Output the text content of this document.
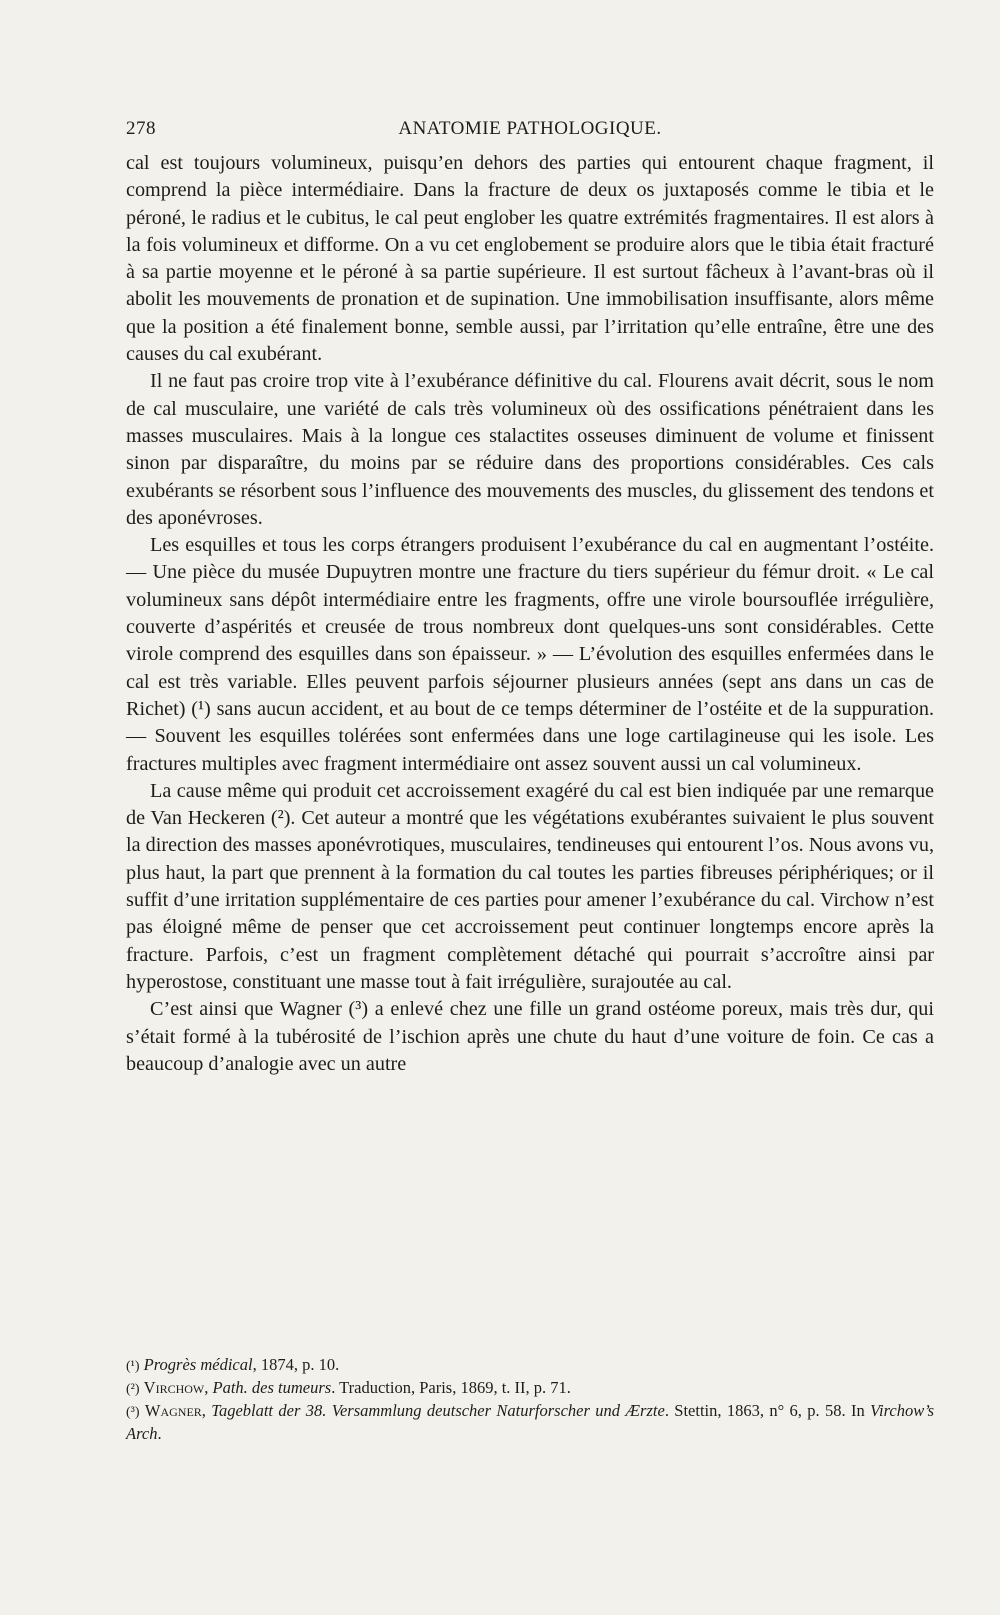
278	ANATOMIE PATHOLOGIQUE.

cal est toujours volumineux, puisqu’en dehors des parties qui entourent chaque fragment, il comprend la pièce intermédiaire. Dans la fracture de deux os juxtaposés comme le tibia et le péroné, le radius et le cubitus, le cal peut englober les quatre extrémités fragmentaires. Il est alors à la fois volumineux et difforme. On a vu cet englobement se produire alors que le tibia était fracturé à sa partie moyenne et le péroné à sa partie supérieure. Il est surtout fâcheux à l’avant-bras où il abolit les mouvements de pronation et de supination. Une immobilisation insuffisante, alors même que la position a été finalement bonne, semble aussi, par l’irritation qu’elle entraîne, être une des causes du cal exubérant.

Il ne faut pas croire trop vite à l’exubérance définitive du cal. Flourens avait décrit, sous le nom de cal musculaire, une variété de cals très volumineux où des ossifications pénétraient dans les masses musculaires. Mais à la longue ces stalactites osseuses diminuent de volume et finissent sinon par disparaître, du moins par se réduire dans des proportions considérables. Ces cals exubérants se résorbent sous l’influence des mouvements des muscles, du glissement des tendons et des aponévroses.

Les esquilles et tous les corps étrangers produisent l’exubérance du cal en augmentant l’ostéite. — Une pièce du musée Dupuytren montre une fracture du tiers supérieur du fémur droit. « Le cal volumineux sans dépôt intermédiaire entre les fragments, offre une virole boursouflée irrégulière, couverte d’aspérités et creusée de trous nombreux dont quelques-uns sont considérables. Cette virole comprend des esquilles dans son épaisseur. » — L’évolution des esquilles enfermées dans le cal est très variable. Elles peuvent parfois séjourner plusieurs années (sept ans dans un cas de Richet) (¹) sans aucun accident, et au bout de ce temps déterminer de l’ostéite et de la suppuration. — Souvent les esquilles tolérées sont enfermées dans une loge cartilagineuse qui les isole. Les fractures multiples avec fragment intermédiaire ont assez souvent aussi un cal volumineux.

La cause même qui produit cet accroissement exagéré du cal est bien indiquée par une remarque de Van Heckeren (²). Cet auteur a montré que les végétations exubérantes suivaient le plus souvent la direction des masses aponévrotiques, musculaires, tendineuses qui entourent l’os. Nous avons vu, plus haut, la part que prennent à la formation du cal toutes les parties fibreuses périphériques; or il suffit d’une irritation supplémentaire de ces parties pour amener l’exubérance du cal. Virchow n’est pas éloigné même de penser que cet accroissement peut continuer longtemps encore après la fracture. Parfois, c’est un fragment complètement détaché qui pourrait s’accroître ainsi par hyperostose, constituant une masse tout à fait irrégulière, surajoutée au cal.

C’est ainsi que Wagner (³) a enlevé chez une fille un grand ostéome poreux, mais très dur, qui s’était formé à la tubérosité de l’ischion après une chute du haut d’une voiture de foin. Ce cas a beaucoup d’analogie avec un autre

(¹) Progrès médical, 1874, p. 10.

(²) Virchow, Path. des tumeurs. Traduction, Paris, 1869, t. II, p. 71.

(³) Wagner, Tageblatt der 38. Versammlung deutscher Naturforscher und Ærzte. Stettin, 1863, n° 6, p. 58. In Virchow’s Arch.
